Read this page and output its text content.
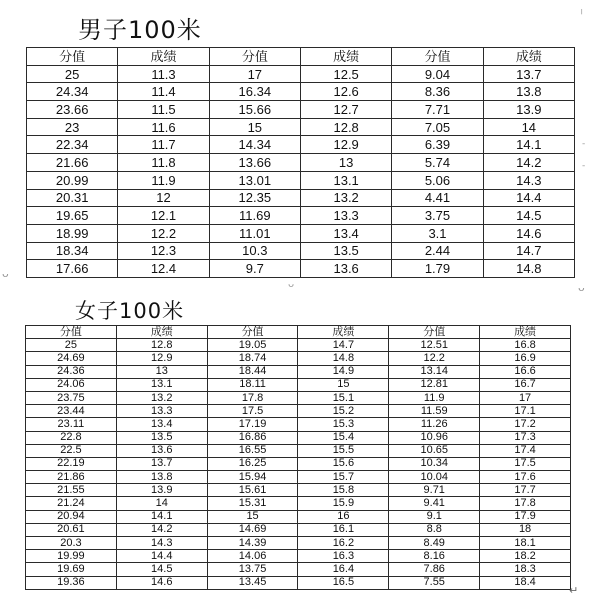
男子100米
分值	成绩	分值	成绩	分值	成绩
25	11.3	17	12.5	9.04	13.7
24.34	11.4	16.34	12.6	8.36	13.8
23.66	11.5	15.66	12.7	7.71	13.9
23	11.6	15	12.8	7.05	14
22.34	11.7	14.34	12.9	6.39	14.1
21.66	11.8	13.66	13	5.74	14.2
20.99	11.9	13.01	13.1	5.06	14.3
20.31	12	12.35	13.2	4.41	14.4
19.65	12.1	11.69	13.3	3.75	14.5
18.99	12.2	11.01	13.4	3.1	14.6
18.34	12.3	10.3	13.5	2.44	14.7
17.66	12.4	9.7	13.6	1.79	14.8
女子100米
分值	成绩	分值	成绩	分值	成绩
25	12.8	19.05	14.7	12.51	16.8
24.69	12.9	18.74	14.8	12.2	16.9
24.36	13	18.44	14.9	13.14	16.6
24.06	13.1	18.11	15	12.81	16.7
23.75	13.2	17.8	15.1	11.9	17
23.44	13.3	17.5	15.2	11.59	17.1
23.11	13.4	17.19	15.3	11.26	17.2
22.8	13.5	16.86	15.4	10.96	17.3
22.5	13.6	16.55	15.5	10.65	17.4
22.19	13.7	16.25	15.6	10.34	17.5
21.86	13.8	15.94	15.7	10.04	17.6
21.55	13.9	15.61	15.8	9.71	17.7
21.24	14	15.31	15.9	9.41	17.8
20.94	14.1	15	16	9.1	17.9
20.61	14.2	14.69	16.1	8.8	18
20.3	14.3	14.39	16.2	8.49	18.1
19.99	14.4	14.06	16.3	8.16	18.2
19.69	14.5	13.75	16.4	7.86	18.3
19.36	14.6	13.45	16.5	7.55	18.4
╷
-
-
ᴗ
ᴗ	ᴗ
↵
